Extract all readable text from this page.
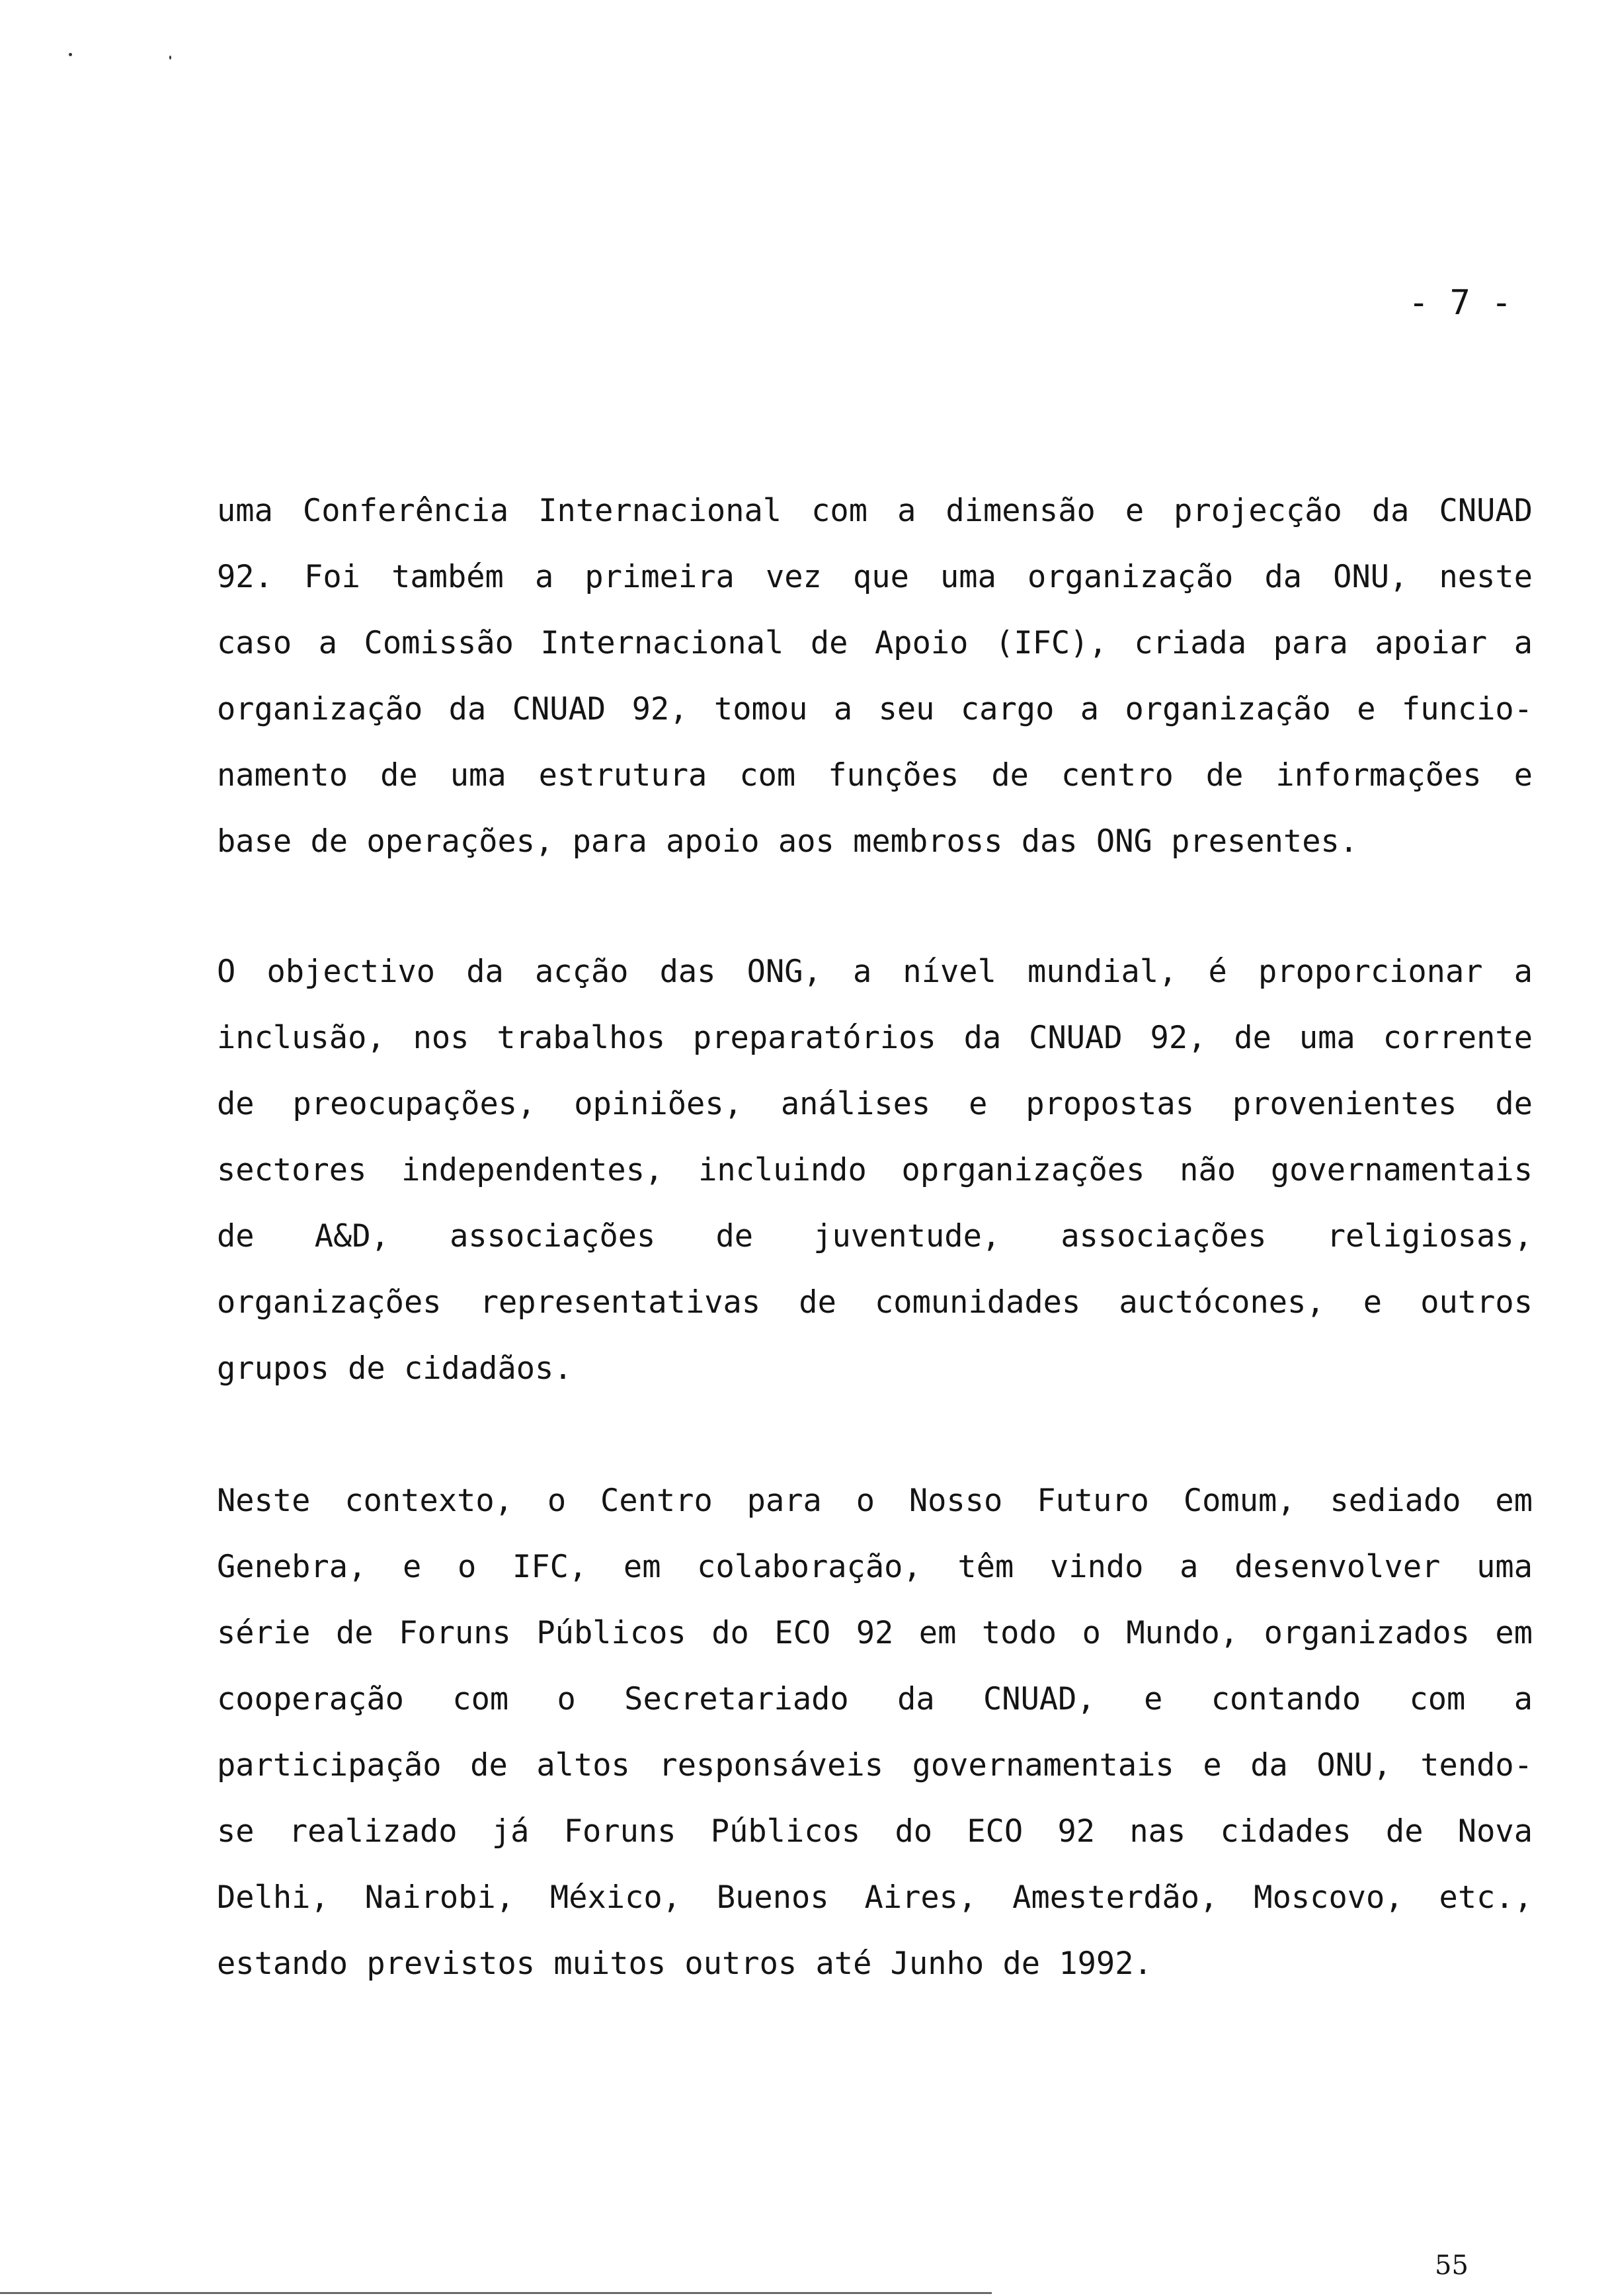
- 7 -
uma Conferência Internacional com a dimensão e projecção da CNUAD
92. Foi também a primeira vez que uma organização da ONU, neste
caso a Comissão Internacional de Apoio (IFC), criada para apoiar a
organização da CNUAD 92, tomou a seu cargo a organização e funcio-
namento de uma estrutura com funções de centro de informações e
base de operações, para apoio aos membross das ONG presentes.
O objectivo da acção das ONG, a nível mundial, é proporcionar a
inclusão, nos trabalhos preparatórios da CNUAD 92, de uma corrente
de preocupações, opiniões, análises e propostas provenientes de
sectores independentes, incluindo oprganizações não governamentais
de A&D, associações de juventude, associações religiosas,
organizações representativas de comunidades auctócones, e outros
grupos de cidadãos.
Neste contexto, o Centro para o Nosso Futuro Comum, sediado em
Genebra, e o IFC, em colaboração, têm vindo a desenvolver uma
série de Foruns Públicos do ECO 92 em todo o Mundo, organizados em
cooperação com o Secretariado da CNUAD, e contando com a
participação de altos responsáveis governamentais e da ONU, tendo-
se realizado já Foruns Públicos do ECO 92 nas cidades de Nova
Delhi, Nairobi, México, Buenos Aires, Amesterdão, Moscovo, etc.,
estando previstos muitos outros até Junho de 1992.
55
